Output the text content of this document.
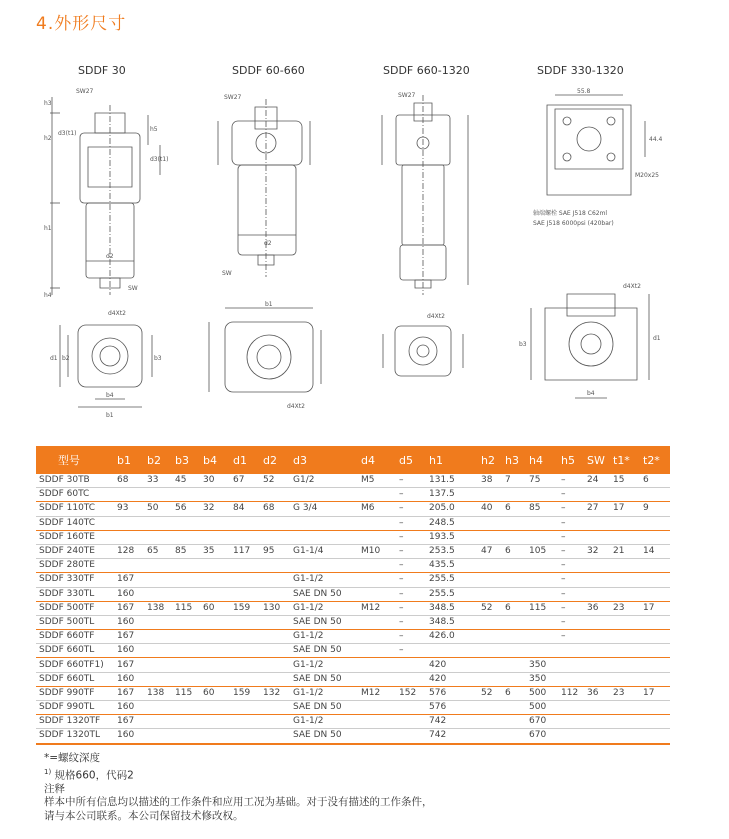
4.外形尺寸
SDDF 30	SDDF 60-660	SDDF 660-1320	SDDF 330-1320
h3
h2
h1
h4
SW27
d3(t1)
h5
d3(t1)
d2
SW
SW27
d2
SW
SW27
55.8
44.4
M20x25
轴端螺栓 SAE J518 C62ml
SAE J518 6000psi (420bar)
d4Xt2
d1 b2	b3
b4
b1
b1
d4Xt2
d4Xt2
d4Xt2
b3
b4
d1
型号	b1	b2	b3	b4	d1	d2	d3	d4	d5	h1	h2	h3	h4	h5	SW	t1*	t2*
SDDF 30TB	68	33	45	30	67	52	G1/2	M5	–	131.5	38	7	75	–	24	15	6
SDDF 60TC									–	137.5				–			
SDDF 110TC	93	50	56	32	84	68	G 3/4	M6	–	205.0	40	6	85	–	27	17	9
SDDF 140TC									–	248.5				–			
SDDF 160TE									–	193.5				–			
SDDF 240TE	128	65	85	35	117	95	G1-1/4	M10	–	253.5	47	6	105	–	32	21	14
SDDF 280TE									–	435.5				–			
SDDF 330TF	167						G1-1/2		–	255.5				–			
SDDF 330TL	160						SAE DN 50		–	255.5				–			
SDDF 500TF	167	138	115	60	159	130	G1-1/2	M12	–	348.5	52	6	115	–	36	23	17
SDDF 500TL	160						SAE DN 50		–	348.5				–			
SDDF 660TF	167						G1-1/2		–	426.0				–			
SDDF 660TL	160						SAE DN 50		–								
SDDF 660TF1)	167						G1-1/2			420			350				
SDDF 660TL	160						SAE DN 50			420			350				
SDDF 990TF	167	138	115	60	159	132	G1-1/2	M12	152	576	52	6	500	112	36	23	17
SDDF 990TL	160						SAE DN 50			576			500				
SDDF 1320TF	167						G1-1/2			742			670				
SDDF 1320TL	160						SAE DN 50			742			670				
*=螺纹深度
$^{1)}$ 规格660，代码2
注释
样本中所有信息均以描述的工作条件和应用工况为基础。对于没有描述的工作条件，
请与本公司联系。本公司保留技术修改权。
